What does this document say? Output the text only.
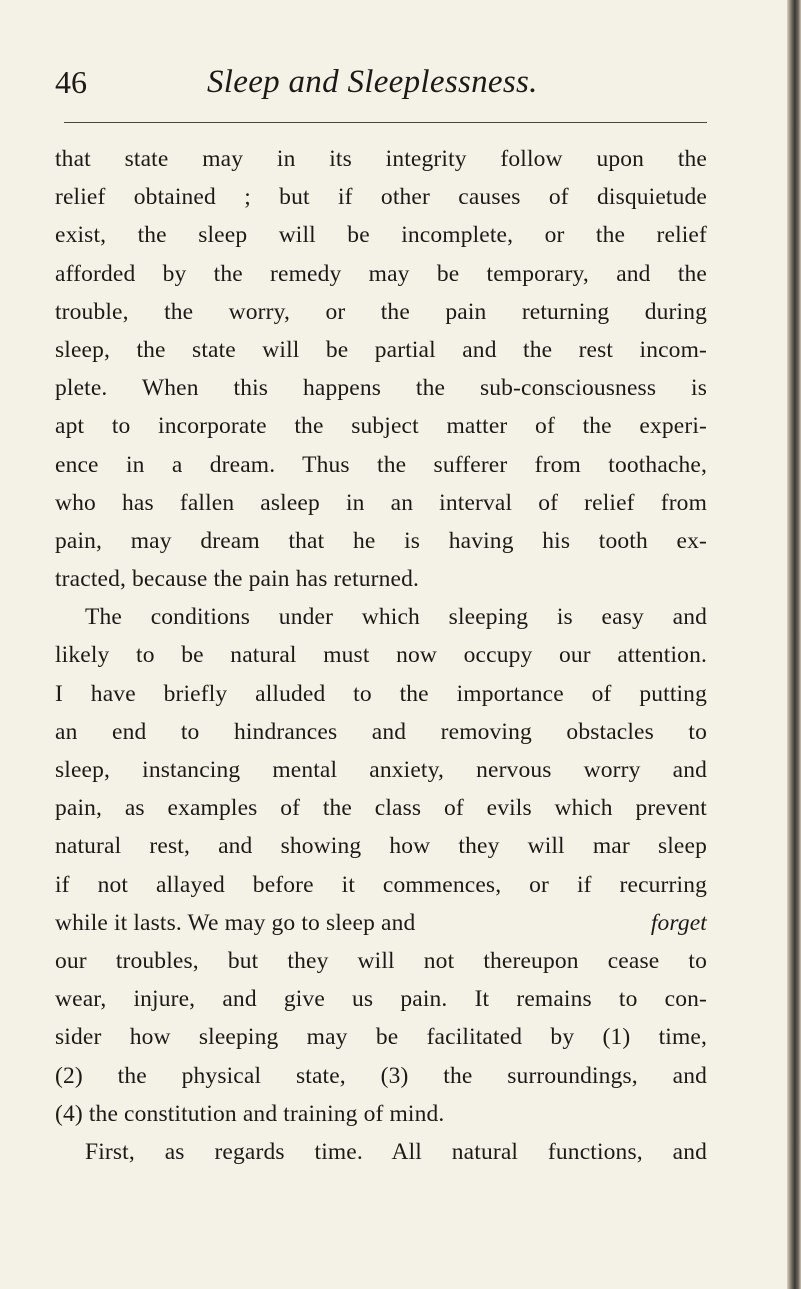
46	Sleep and Sleeplessness.
that state may in its integrity follow upon the
relief obtained ; but if other causes of disquietude
exist, the sleep will be incomplete, or the relief
afforded by the remedy may be temporary, and the
trouble, the worry, or the pain returning during
sleep, the state will be partial and the rest incom-
plete. When this happens the sub-consciousness is
apt to incorporate the subject matter of the experi-
ence in a dream. Thus the sufferer from toothache,
who has fallen asleep in an interval of relief from
pain, may dream that he is having his tooth ex-
tracted, because the pain has returned.
The conditions under which sleeping is easy and
likely to be natural must now occupy our attention.
I have briefly alluded to the importance of putting
an end to hindrances and removing obstacles to
sleep, instancing mental anxiety, nervous worry and
pain, as examples of the class of evils which prevent
natural rest, and showing how they will mar sleep
if not allayed before it commences, or if recurring
while it lasts. We may go to sleep and	forget
our troubles, but they will not thereupon cease to
wear, injure, and give us pain. It remains to con-
sider how sleeping may be facilitated by (1) time,
(2) the physical state, (3) the surroundings, and
(4) the constitution and training of mind.
First, as regards time. All natural functions, and
